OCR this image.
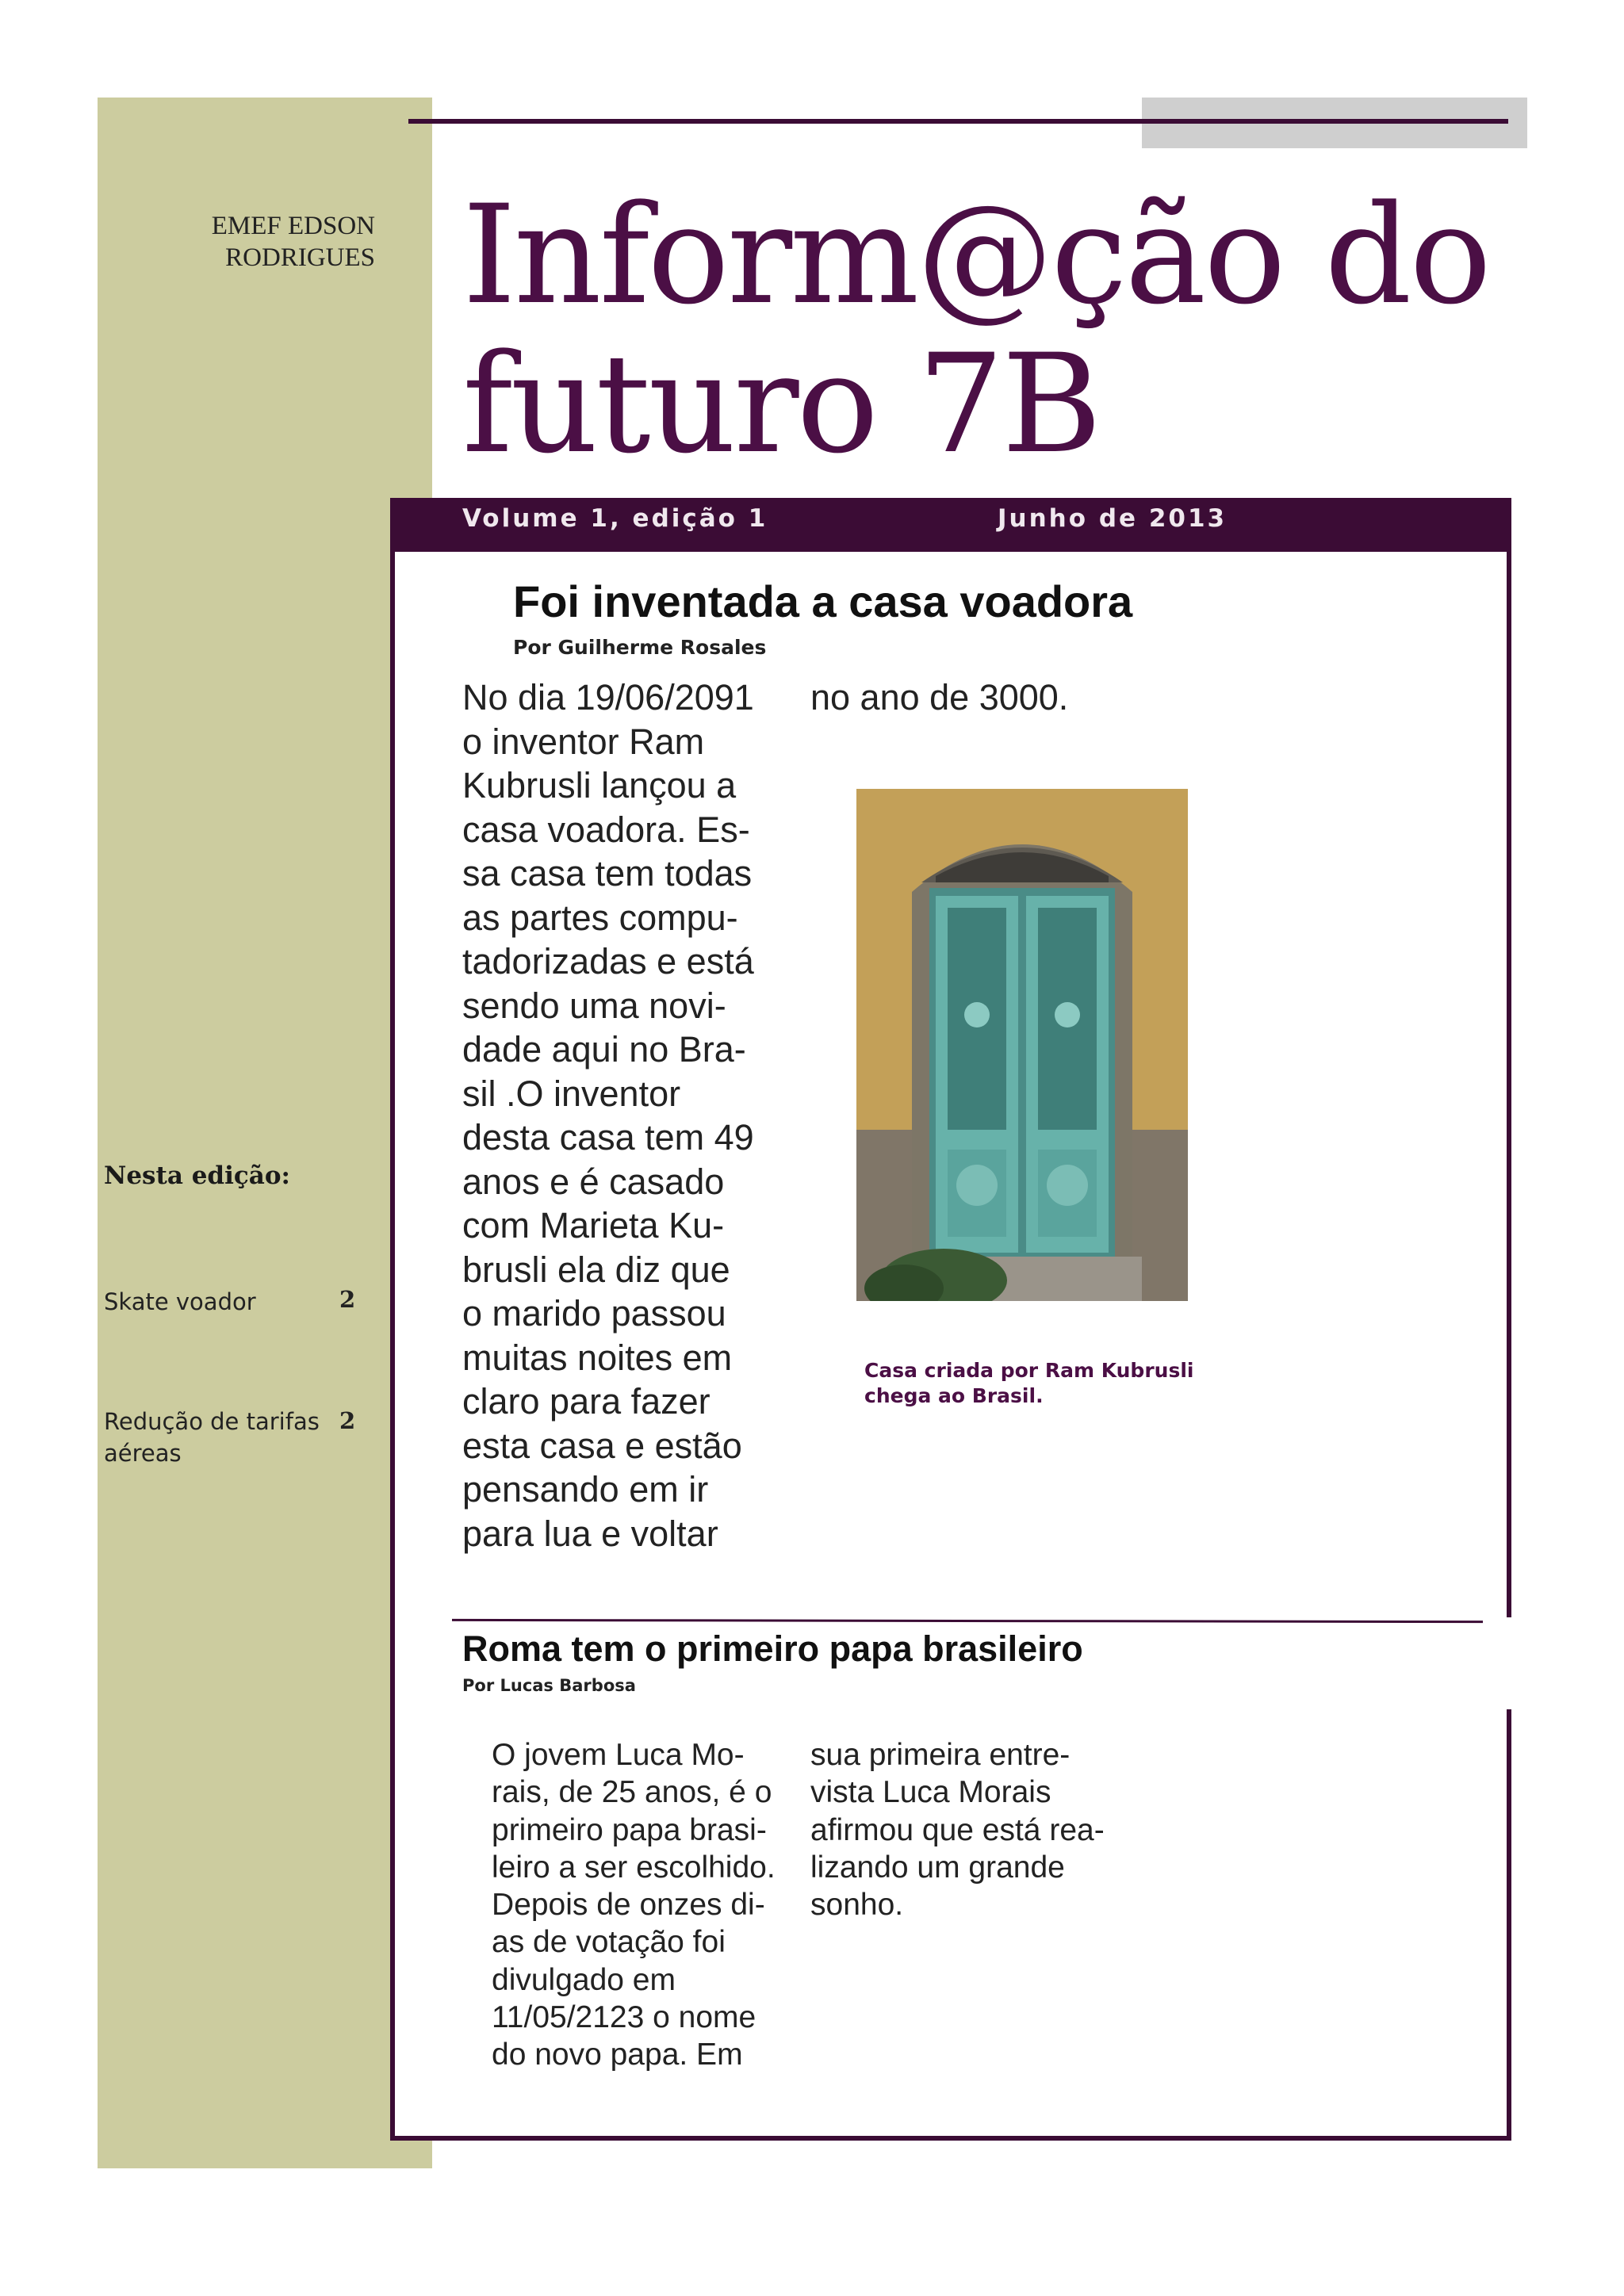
EMEF EDSON RODRIGUES Inform@ção do
futuro 7B
Volume 1, edição 1	Junho de 2013
Foi inventada a casa voadora
Por Guilherme Rosales
No dia 19/06/2091
o inventor Ram
Kubrusli lançou a
casa voadora. Es-
sa casa tem todas
as partes compu-
tadorizadas e está
sendo uma novi-
dade aqui no Bra-
sil .O inventor
desta casa tem 49
anos e é casado
com Marieta Ku-
brusli ela diz que
o marido passou
muitas noites em
claro para fazer
esta casa e estão
pensando em ir
para lua e voltar
no ano de 3000.
Casa criada por Ram Kubrusli
chega ao Brasil.
Roma tem o primeiro papa brasileiro
Por Lucas Barbosa
O jovem Luca Mo-
rais, de 25 anos, é o
primeiro papa brasi-
leiro a ser escolhido.
Depois de onzes di-
as de votação foi
divulgado em
11/05/2123 o nome
do novo papa. Em
sua primeira entre-
vista Luca Morais
afirmou que está rea-
lizando um grande
sonho.
Nesta edição:
Skate voador	2
Redução de tarifas
aéreas
2
